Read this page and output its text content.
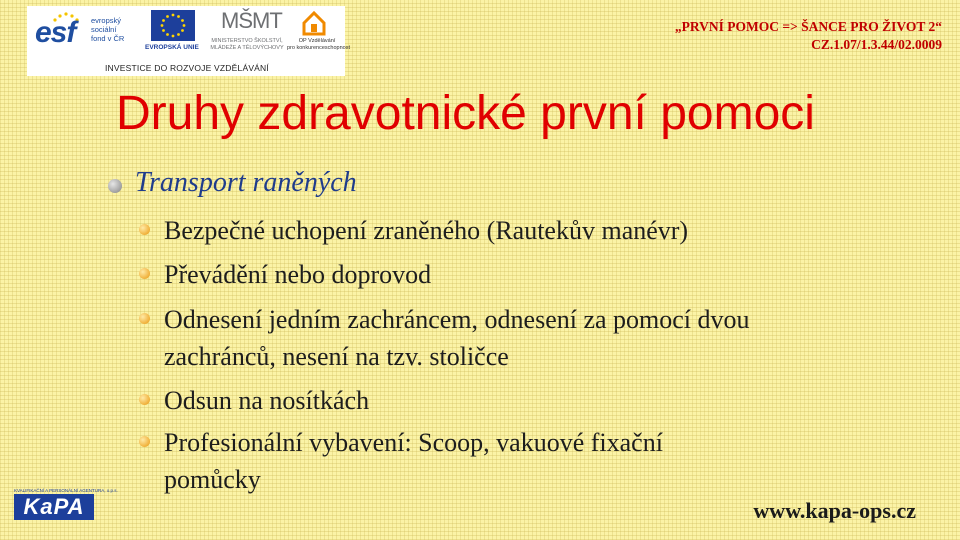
esf evropský
sociální
fond v ČR
EVROPSKÁ UNIE
MŠMT
MINISTERSTVO ŠKOLSTVÍ,
MLÁDEŽE A TĚLOVÝCHOVY
OP Vzdělávání
pro konkurenceschopnost
INVESTICE DO ROZVOJE VZDĚLÁVÁNÍ
„PRVNÍ POMOC => ŠANCE PRO ŽIVOT 2“
CZ.1.07/1.3.44/02.0009
Druhy zdravotnické první pomoci
Transport raněných
Bezpečné uchopení zraněného (Rautekův manévr)
Převádění nebo doprovod
Odnesení jedním zachráncem, odnesení za pomocí dvou
zachránců, nesení na tzv. stoličce
Odsun na nosítkách
Profesionální vybavení: Scoop, vakuové fixační
pomůcky
KVALIFIKAČNÍ A PERSONÁLNÍ AGENTURA, o.p.s.
KaPA	www.kapa-ops.cz
